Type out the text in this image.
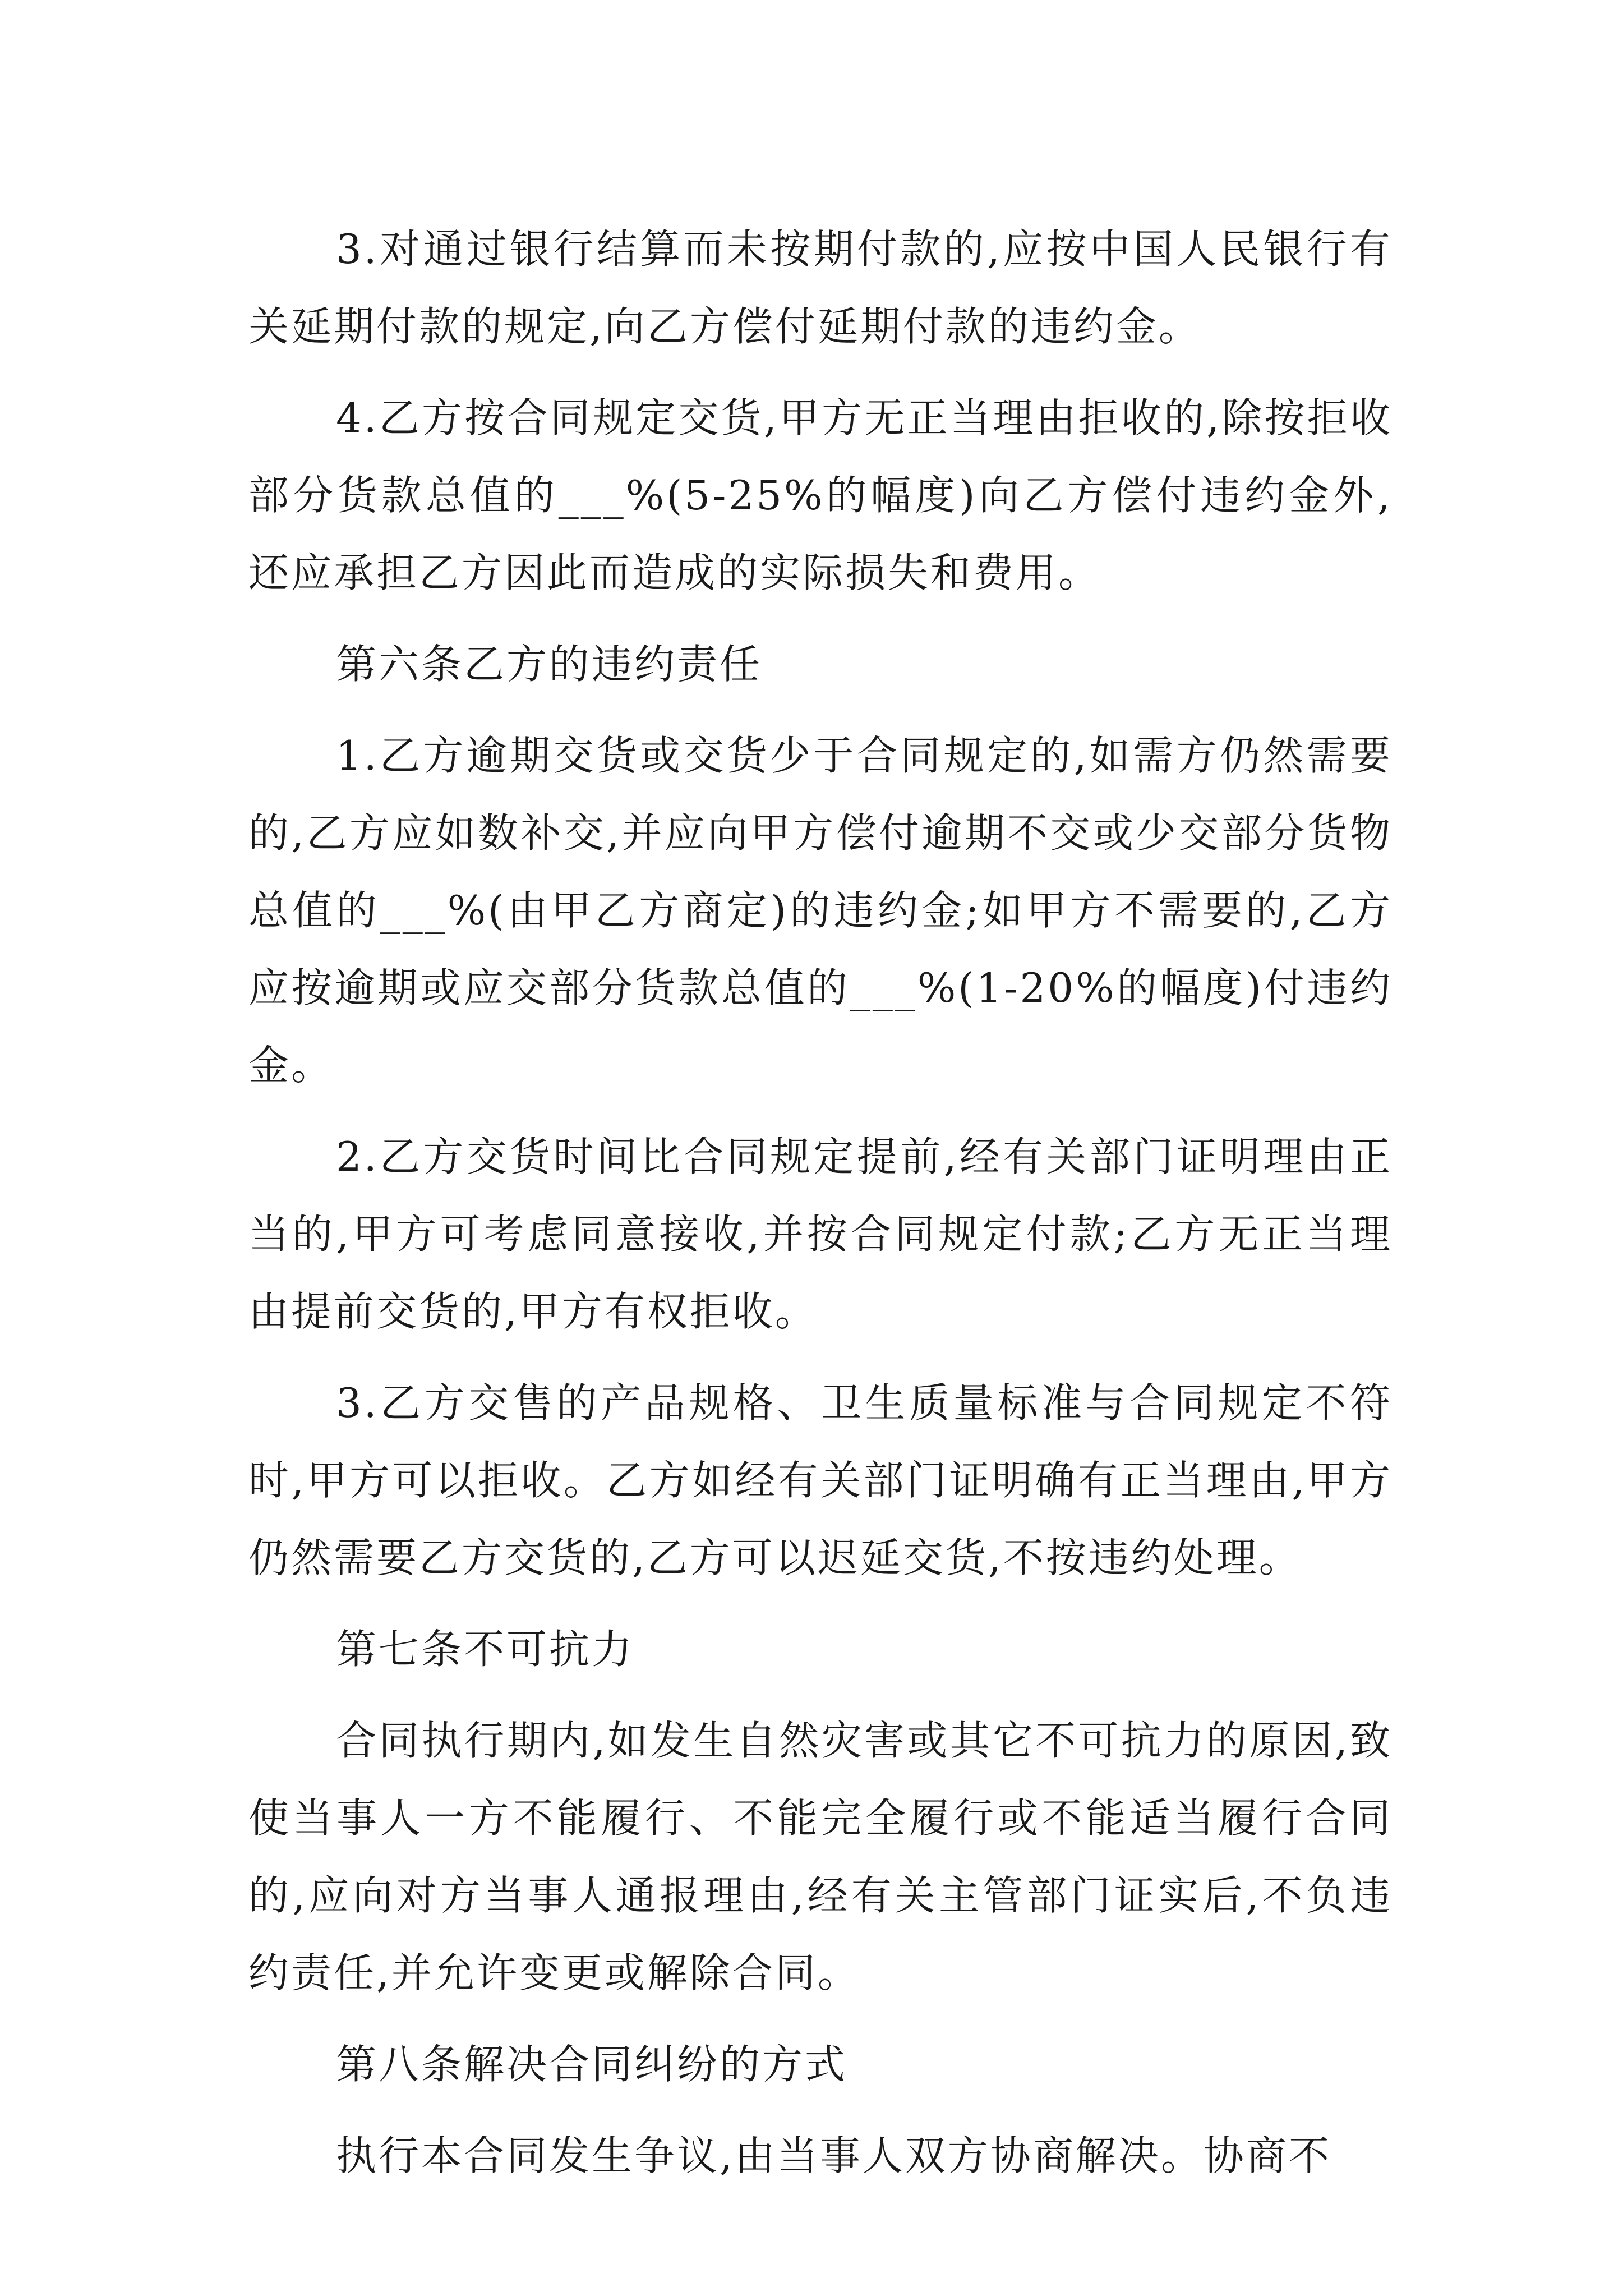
3.对通过银行结算而未按期付款的,应按中国人民银行有关延期付款的规定,向乙方偿付延期付款的违约金。

4.乙方按合同规定交货,甲方无正当理由拒收的,除按拒收部分货款总值的___%(5-25%的幅度)向乙方偿付违约金外,还应承担乙方因此而造成的实际损失和费用。

第六条乙方的违约责任

1.乙方逾期交货或交货少于合同规定的,如需方仍然需要的,乙方应如数补交,并应向甲方偿付逾期不交或少交部分货物总值的___%(由甲乙方商定)的违约金;如甲方不需要的,乙方应按逾期或应交部分货款总值的___%(1-20%的幅度)付违约金。

2.乙方交货时间比合同规定提前,经有关部门证明理由正当的,甲方可考虑同意接收,并按合同规定付款;乙方无正当理由提前交货的,甲方有权拒收。

3.乙方交售的产品规格、卫生质量标准与合同规定不符时,甲方可以拒收。乙方如经有关部门证明确有正当理由,甲方仍然需要乙方交货的,乙方可以迟延交货,不按违约处理。

第七条不可抗力

合同执行期内,如发生自然灾害或其它不可抗力的原因,致使当事人一方不能履行、不能完全履行或不能适当履行合同的,应向对方当事人通报理由,经有关主管部门证实后,不负违约责任,并允许变更或解除合同。

第八条解决合同纠纷的方式

执行本合同发生争议,由当事人双方协商解决。协商不
